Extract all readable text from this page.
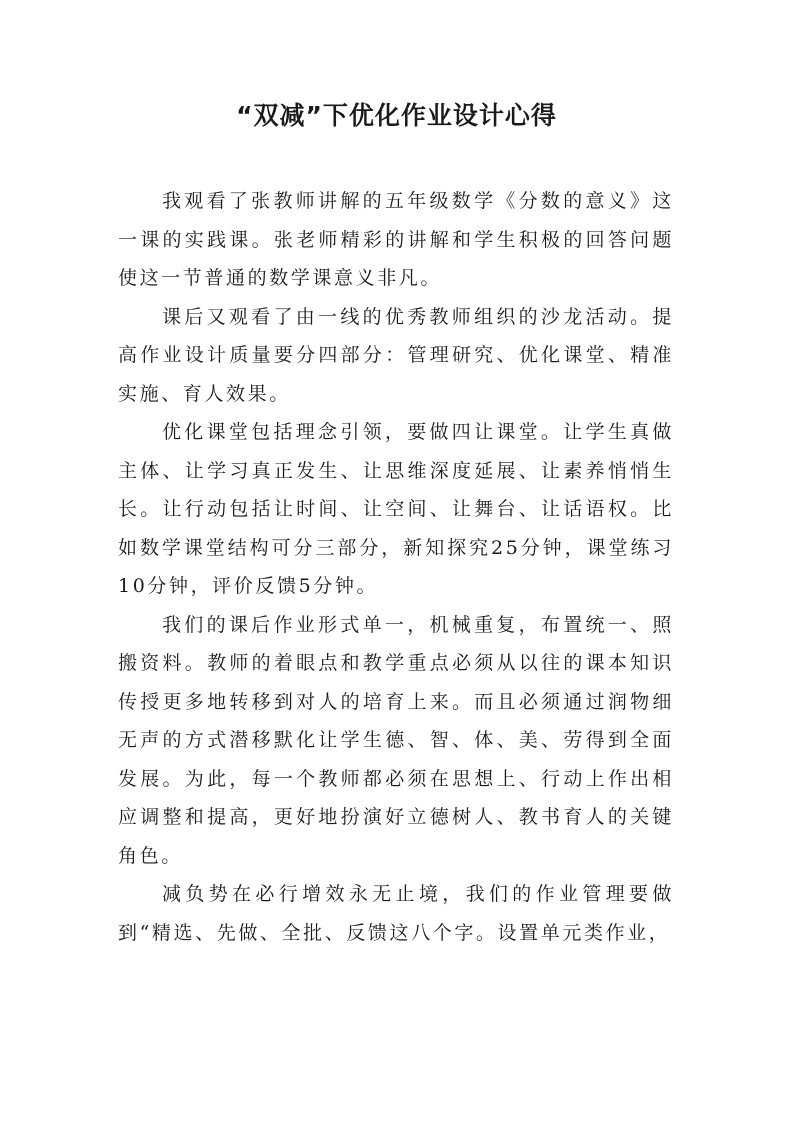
“双减”下优化作业设计心得

我观看了张教师讲解的五年级数学《分数的意义》这一课的实践课。张老师精彩的讲解和学生积极的回答问题使这一节普通的数学课意义非凡。

课后又观看了由一线的优秀教师组织的沙龙活动。提高作业设计质量要分四部分：管理研究、优化课堂、精准实施、育人效果。

优化课堂包括理念引领，要做四让课堂。让学生真做主体、让学习真正发生、让思维深度延展、让素养悄悄生长。让行动包括让时间、让空间、让舞台、让话语权。比如数学课堂结构可分三部分，新知探究25分钟，课堂练习10分钟，评价反馈5分钟。

我们的课后作业形式单一，机械重复，布置统一、照搬资料。教师的着眼点和教学重点必须从以往的课本知识传授更多地转移到对人的培育上来。而且必须通过润物细无声的方式潜移默化让学生德、智、体、美、劳得到全面发展。为此，每一个教师都必须在思想上、行动上作出相应调整和提高，更好地扮演好立德树人、教书育人的关键角色。

减负势在必行增效永无止境，我们的作业管理要做到“精选、先做、全批、反馈这八个字。设置单元类作业，
